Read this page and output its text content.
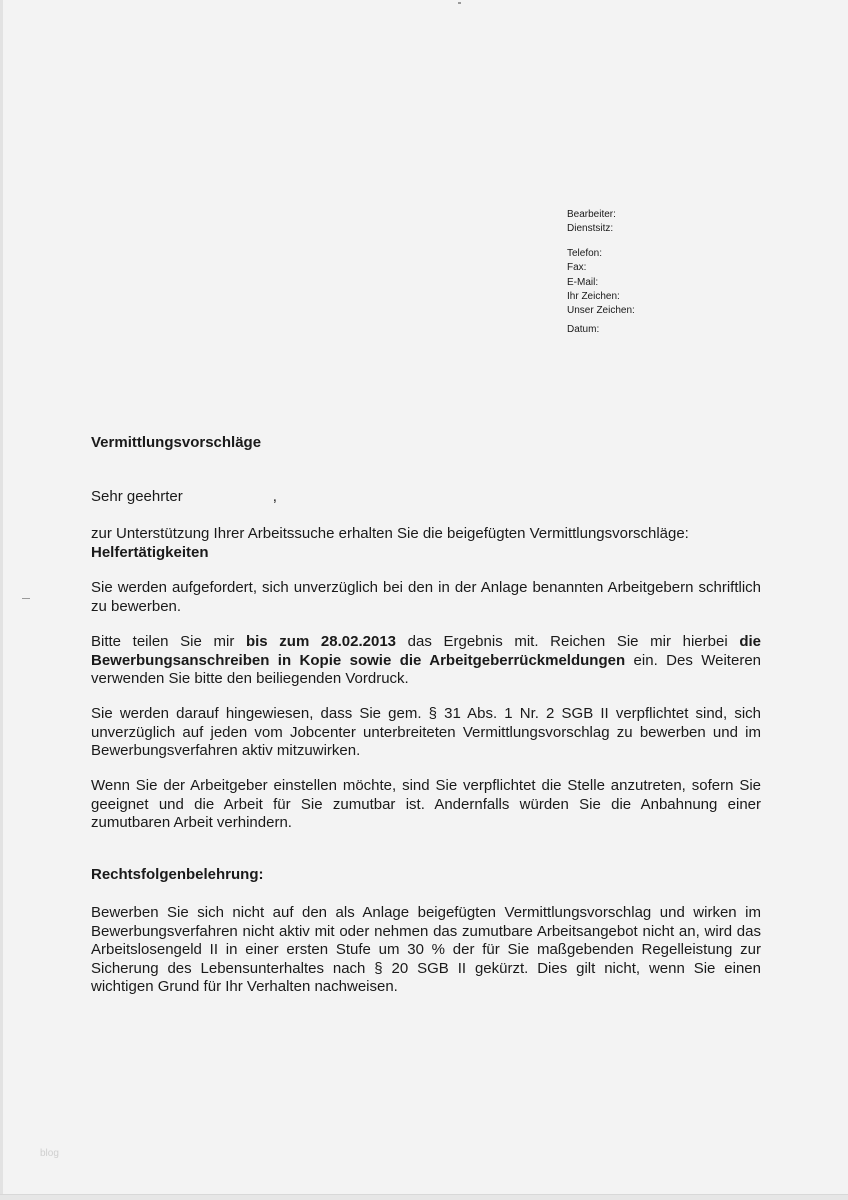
Bearbeiter:
Dienstsitz:
Telefon:
Fax:
E-Mail:
Ihr Zeichen:
Unser Zeichen:
Datum:
Vermittlungsvorschläge
Sehr geehrter	,

zur Unterstützung Ihrer Arbeitssuche erhalten Sie die beigefügten Vermittlungsvorschläge:
Helfertätigkeiten

Sie werden aufgefordert, sich unverzüglich bei den in der Anlage benannten Arbeitgebern schriftlich zu bewerben.

Bitte teilen Sie mir bis zum 28.02.2013 das Ergebnis mit. Reichen Sie mir hierbei die Bewerbungsanschreiben in Kopie sowie die Arbeitgeberrückmeldungen ein. Des Weiteren verwenden Sie bitte den beiliegenden Vordruck.

Sie werden darauf hingewiesen, dass Sie gem. § 31 Abs. 1 Nr. 2 SGB II verpflichtet sind, sich unverzüglich auf jeden vom Jobcenter unterbreiteten Vermittlungsvorschlag zu bewerben und im Bewerbungsverfahren aktiv mitzuwirken.

Wenn Sie der Arbeitgeber einstellen möchte, sind Sie verpflichtet die Stelle anzutreten, sofern Sie geeignet und die Arbeit für Sie zumutbar ist. Andernfalls würden Sie die Anbahnung einer zumutbaren Arbeit verhindern.

Rechtsfolgenbelehrung:

Bewerben Sie sich nicht auf den als Anlage beigefügten Vermittlungsvorschlag und wirken im Bewerbungsverfahren nicht aktiv mit oder nehmen das zumutbare Arbeitsangebot nicht an, wird das Arbeitslosengeld II in einer ersten Stufe um 30 % der für Sie maßgebenden Regelleistung zur Sicherung des Lebensunterhaltes nach § 20 SGB II gekürzt. Dies gilt nicht, wenn Sie einen wichtigen Grund für Ihr Verhalten nachweisen.

blog
